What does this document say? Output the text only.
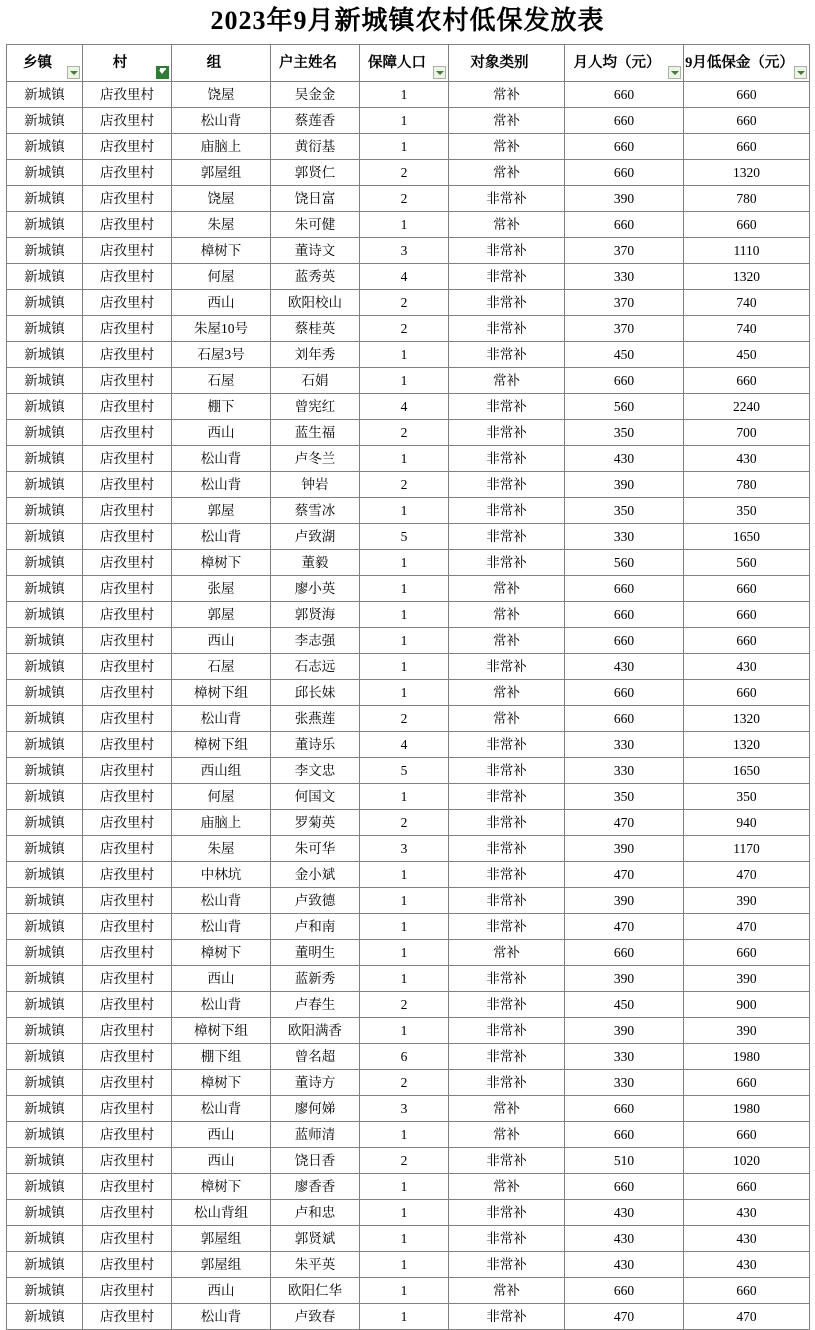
2023年9月新城镇农村低保发放表
乡镇	村	组	户主姓名	保障人口	对象类别	月人均（元）	9月低保金（元）

新城镇	店孜里村	饶屋	吴金金	1	常补	660	660
新城镇	店孜里村	松山背	蔡莲香	1	常补	660	660
新城镇	店孜里村	庙脑上	黄衍基	1	常补	660	660
新城镇	店孜里村	郭屋组	郭贤仁	2	常补	660	1320
新城镇	店孜里村	饶屋	饶日富	2	非常补	390	780
新城镇	店孜里村	朱屋	朱可健	1	常补	660	660
新城镇	店孜里村	樟树下	董诗文	3	非常补	370	1110
新城镇	店孜里村	何屋	蓝秀英	4	非常补	330	1320
新城镇	店孜里村	西山	欧阳校山	2	非常补	370	740
新城镇	店孜里村	朱屋10号	蔡桂英	2	非常补	370	740
新城镇	店孜里村	石屋3号	刘年秀	1	非常补	450	450
新城镇	店孜里村	石屋	石娟	1	常补	660	660
新城镇	店孜里村	棚下	曾宪红	4	非常补	560	2240
新城镇	店孜里村	西山	蓝生福	2	非常补	350	700
新城镇	店孜里村	松山背	卢冬兰	1	非常补	430	430
新城镇	店孜里村	松山背	钟岩	2	非常补	390	780
新城镇	店孜里村	郭屋	蔡雪冰	1	非常补	350	350
新城镇	店孜里村	松山背	卢致湖	5	非常补	330	1650
新城镇	店孜里村	樟树下	董毅	1	非常补	560	560
新城镇	店孜里村	张屋	廖小英	1	常补	660	660
新城镇	店孜里村	郭屋	郭贤海	1	常补	660	660
新城镇	店孜里村	西山	李志强	1	常补	660	660
新城镇	店孜里村	石屋	石志远	1	非常补	430	430
新城镇	店孜里村	樟树下组	邱长妹	1	常补	660	660
新城镇	店孜里村	松山背	张燕莲	2	常补	660	1320
新城镇	店孜里村	樟树下组	董诗乐	4	非常补	330	1320
新城镇	店孜里村	西山组	李文忠	5	非常补	330	1650
新城镇	店孜里村	何屋	何国文	1	非常补	350	350
新城镇	店孜里村	庙脑上	罗菊英	2	非常补	470	940
新城镇	店孜里村	朱屋	朱可华	3	非常补	390	1170
新城镇	店孜里村	中林坑	金小斌	1	非常补	470	470
新城镇	店孜里村	松山背	卢致德	1	非常补	390	390
新城镇	店孜里村	松山背	卢和南	1	非常补	470	470
新城镇	店孜里村	樟树下	董明生	1	常补	660	660
新城镇	店孜里村	西山	蓝新秀	1	非常补	390	390
新城镇	店孜里村	松山背	卢春生	2	非常补	450	900
新城镇	店孜里村	樟树下组	欧阳满香	1	非常补	390	390
新城镇	店孜里村	棚下组	曾名超	6	非常补	330	1980
新城镇	店孜里村	樟树下	董诗方	2	非常补	330	660
新城镇	店孜里村	松山背	廖何娣	3	常补	660	1980
新城镇	店孜里村	西山	蓝师清	1	常补	660	660
新城镇	店孜里村	西山	饶日香	2	非常补	510	1020
新城镇	店孜里村	樟树下	廖香香	1	常补	660	660
新城镇	店孜里村	松山背组	卢和忠	1	非常补	430	430
新城镇	店孜里村	郭屋组	郭贤斌	1	非常补	430	430
新城镇	店孜里村	郭屋组	朱平英	1	非常补	430	430
新城镇	店孜里村	西山	欧阳仁华	1	常补	660	660
新城镇	店孜里村	松山背	卢致春	1	非常补	470	470
